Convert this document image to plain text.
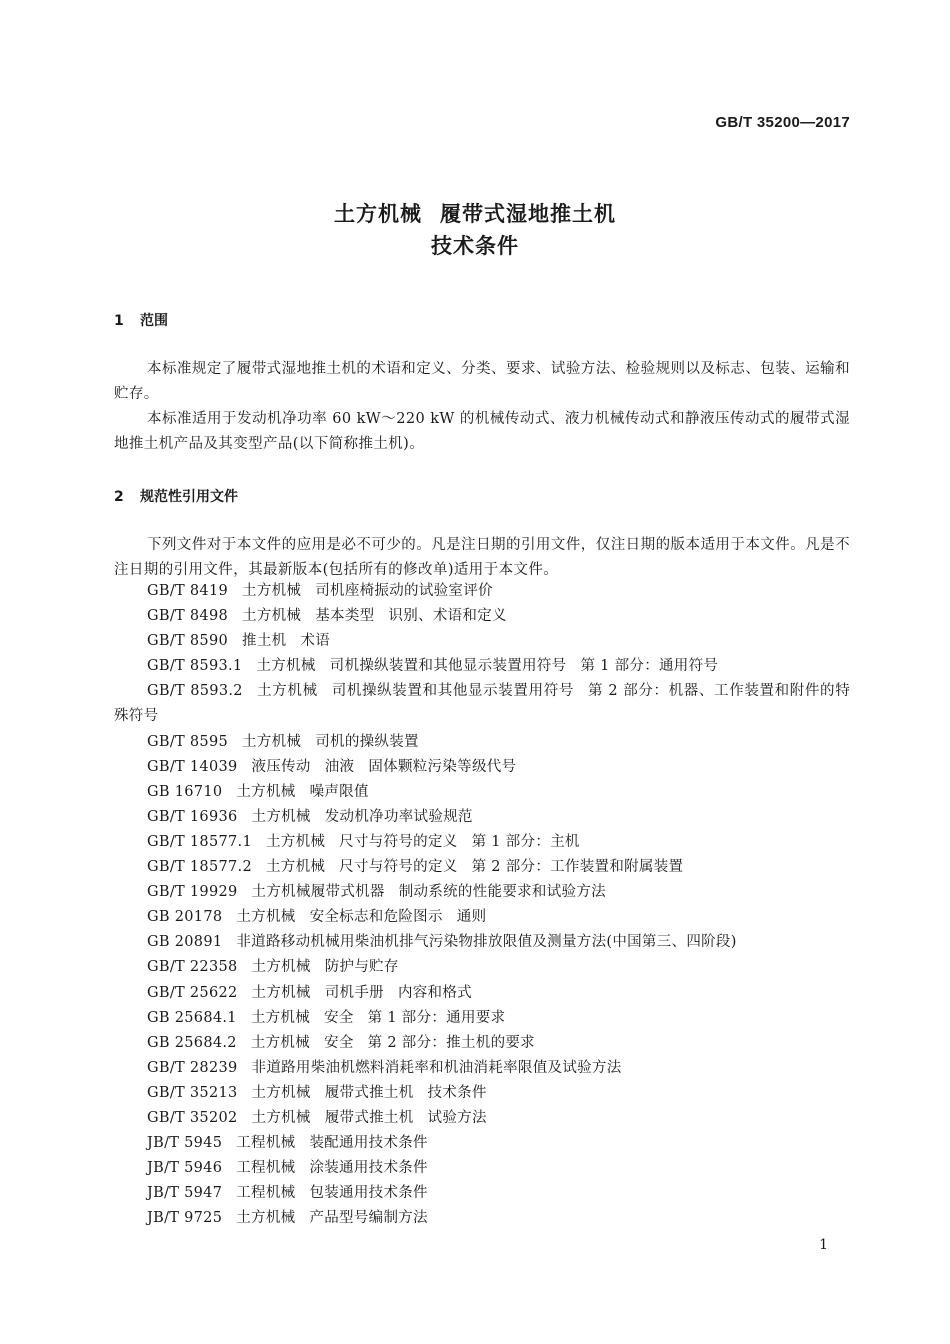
GB/T 35200—2017
土方机械 履带式湿地推土机
技术条件
1 范围

本标准规定了履带式湿地推土机的术语和定义、分类、要求、试验方法、检验规则以及标志、包装、运输和贮存。

本标准适用于发动机净功率 60 kW～220 kW 的机械传动式、液力机械传动式和静液压传动式的履带式湿地推土机产品及其变型产品(以下简称推土机)。

2 规范性引用文件

下列文件对于本文件的应用是必不可少的。凡是注日期的引用文件，仅注日期的版本适用于本文件。凡是不注日期的引用文件，其最新版本(包括所有的修改单)适用于本文件。

GB/T 8419 土方机械 司机座椅振动的试验室评价
GB/T 8498 土方机械 基本类型 识别、术语和定义
GB/T 8590 推土机 术语
GB/T 8593.1 土方机械 司机操纵装置和其他显示装置用符号 第 1 部分：通用符号
GB/T 8593.2 土方机械 司机操纵装置和其他显示装置用符号 第 2 部分：机器、工作装置和附件的特殊符号
GB/T 8595 土方机械 司机的操纵装置
GB/T 14039 液压传动 油液 固体颗粒污染等级代号
GB 16710 土方机械 噪声限值
GB/T 16936 土方机械 发动机净功率试验规范
GB/T 18577.1 土方机械 尺寸与符号的定义 第 1 部分：主机
GB/T 18577.2 土方机械 尺寸与符号的定义 第 2 部分：工作装置和附属装置
GB/T 19929 土方机械履带式机器 制动系统的性能要求和试验方法
GB 20178 土方机械 安全标志和危险图示 通则
GB 20891 非道路移动机械用柴油机排气污染物排放限值及测量方法(中国第三、四阶段)
GB/T 22358 土方机械 防护与贮存
GB/T 25622 土方机械 司机手册 内容和格式
GB 25684.1 土方机械 安全 第 1 部分：通用要求
GB 25684.2 土方机械 安全 第 2 部分：推土机的要求
GB/T 28239 非道路用柴油机燃料消耗率和机油消耗率限值及试验方法
GB/T 35213 土方机械 履带式推土机 技术条件
GB/T 35202 土方机械 履带式推土机 试验方法
JB/T 5945 工程机械 装配通用技术条件
JB/T 5946 工程机械 涂装通用技术条件
JB/T 5947 工程机械 包装通用技术条件
JB/T 9725 土方机械 产品型号编制方法
1
